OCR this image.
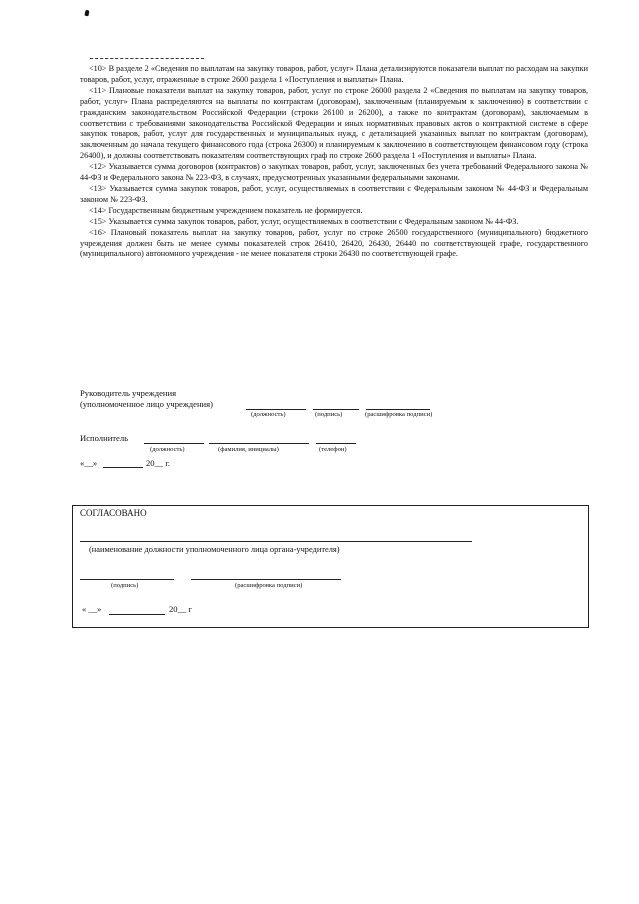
<10> В разделе 2 «Сведения по выплатам на закупку товаров, работ, услуг» Плана детализируются показатели выплат по расходам на закупки товаров, работ, услуг, отраженные в строке 2600 раздела 1 «Поступления и выплаты» Плана.

<11> Плановые показатели выплат на закупку товаров, работ, услуг по строке 26000 раздела 2 «Сведения по выплатам на закупку товаров, работ, услуг» Плана распределяются на выплаты по контрактам (договорам), заключенным (планируемым к заключению) в соответствии с гражданским законодательством Российской Федерации (строки 26100 и 26200), а также по контрактам (договорам), заключаемым в соответствии с требованиями законодательства Российской Федерации и иных нормативных правовых актов о контрактной системе в сфере закупок товаров, работ, услуг для государственных и муниципальных нужд, с детализацией указанных выплат по контрактам (договорам), заключенным до начала текущего финансового года (строка 26300) и планируемым к заключению в соответствующем финансовом году (строка 26400), и должны соответствовать показателям соответствующих граф по строке 2600 раздела 1 «Поступления и выплаты» Плана.

<12> Указывается сумма договоров (контрактов) о закупках товаров, работ, услуг, заключенных без учета требований Федерального закона № 44-ФЗ и Федерального закона № 223-ФЗ, в случаях, предусмотренных указанными федеральными законами.

<13> Указывается сумма закупок товаров, работ, услуг, осуществляемых в соответствии с Федеральным законом № 44-ФЗ и Федеральным законом № 223-ФЗ.

<14> Государственным бюджетным учреждением показатель не формируется.

<15> Указывается сумма закупок товаров, работ, услуг, осуществляемых в соответствии с Федеральным законом № 44-ФЗ.

<16> Плановый показатель выплат на закупку товаров, работ, услуг по строке 26500 государственного (муниципального) бюджетного учреждения должен быть не менее суммы показателей строк 26410, 26420, 26430, 26440 по соответствующей графе, государственного (муниципального) автономного учреждения - не менее показателя строки 26430 по соответствующей графе.

Руководитель учреждения
(уполномоченное лицо учреждения)
(должность)	(подпись)	(расшифровка подписи)
Исполнитель
(должность)	(фамилия, инициалы)	(телефон)
«__»	20__ г.
СОГЛАСОВАНО
(наименование должности уполномоченного лица органа-учредителя)
(подпись)	(расшифровка подписи)
« __»	20__ г
